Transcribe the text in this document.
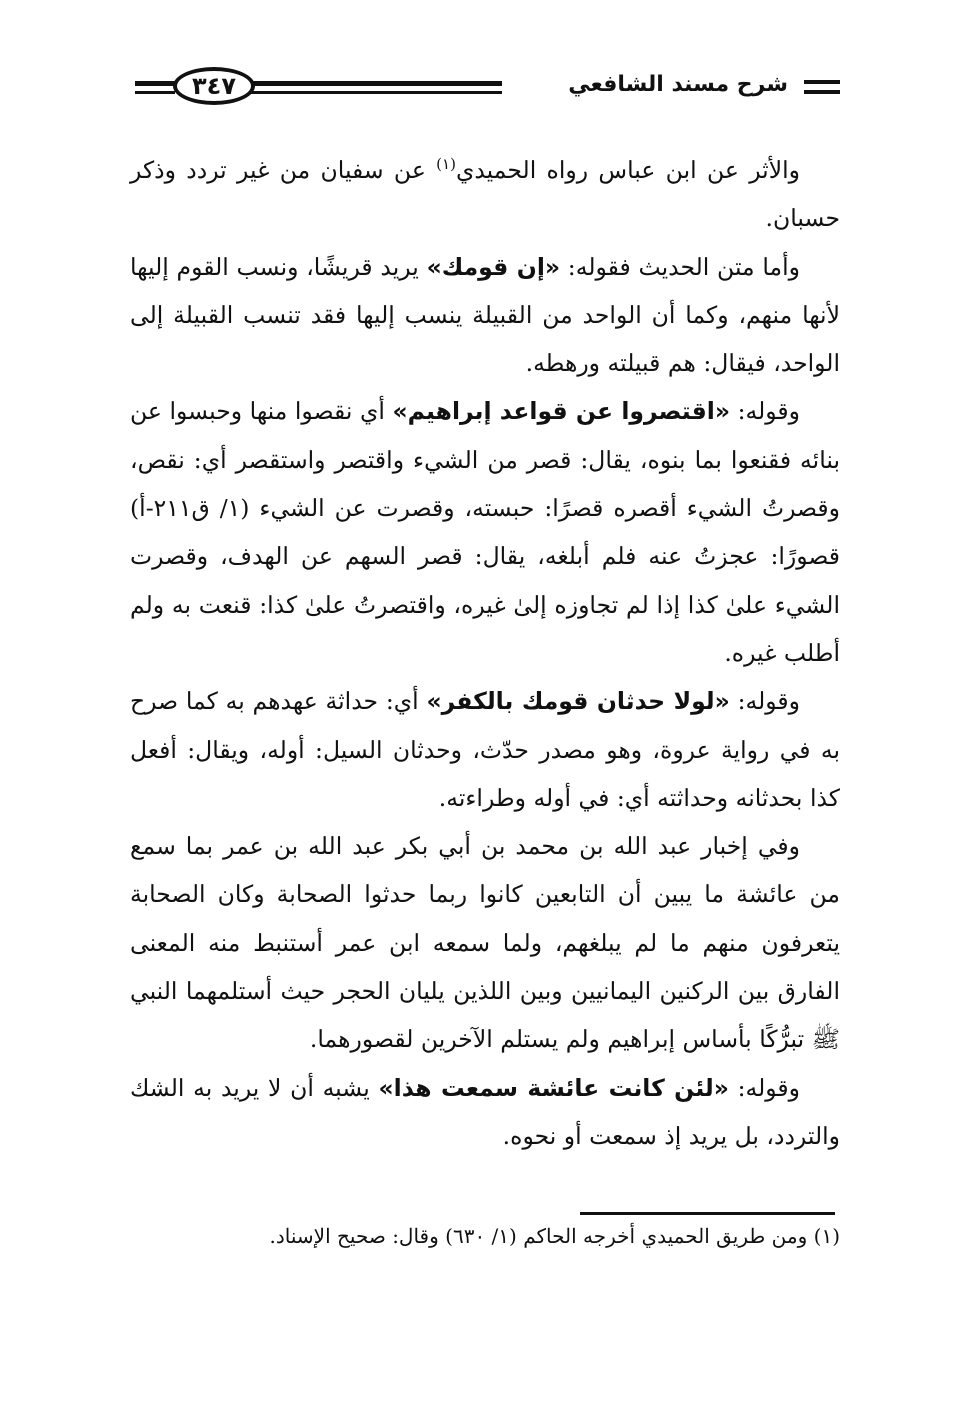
شرح مسند الشافعي
٣٤٧

والأثر عن ابن عباس رواه الحميدي$^{(١)}$ عن سفيان من غير تردد وذكر حسبان.

وأما متن الحديث فقوله: «إن قومك» يريد قريشًا، ونسب القوم إليها لأنها منهم، وكما أن الواحد من القبيلة ينسب إليها فقد تنسب القبيلة إلى الواحد، فيقال: هم قبيلته ورهطه.

وقوله: «اقتصروا عن قواعد إبراهيم» أي نقصوا منها وحبسوا عن بنائه فقنعوا بما بنوه، يقال: قصر من الشيء واقتصر واستقصر أي: نقص، وقصرتُ الشيء أقصره قصرًا: حبسته، وقصرت عن الشيء (١/ ق٢١١-أ) قصورًا: عجزتُ عنه فلم أبلغه، يقال: قصر السهم عن الهدف، وقصرت الشيء علىٰ كذا إذا لم تجاوزه إلىٰ غيره، واقتصرتُ علىٰ كذا: قنعت به ولم أطلب غيره.

وقوله: «لولا حدثان قومك بالكفر» أي: حداثة عهدهم به كما صرح به في رواية عروة، وهو مصدر حدّث، وحدثان السيل: أوله، ويقال: أفعل كذا بحدثانه وحداثته أي: في أوله وطراءته.

وفي إخبار عبد الله بن محمد بن أبي بكر عبد الله بن عمر بما سمع من عائشة ما يبين أن التابعين كانوا ربما حدثوا الصحابة وكان الصحابة يتعرفون منهم ما لم يبلغهم، ولما سمعه ابن عمر أستنبط منه المعنى الفارق بين الركنين اليمانيين وبين اللذين يليان الحجر حيث أستلمهما النبي ﷺ تبرُّكًا بأساس إبراهيم ولم يستلم الآخرين لقصورهما.

وقوله: «لئن كانت عائشة سمعت هذا» يشبه أن لا يريد به الشك والتردد، بل يريد إذ سمعت أو نحوه.

(١) ومن طريق الحميدي أخرجه الحاكم (١/ ٦٣٠) وقال: صحيح الإسناد.
